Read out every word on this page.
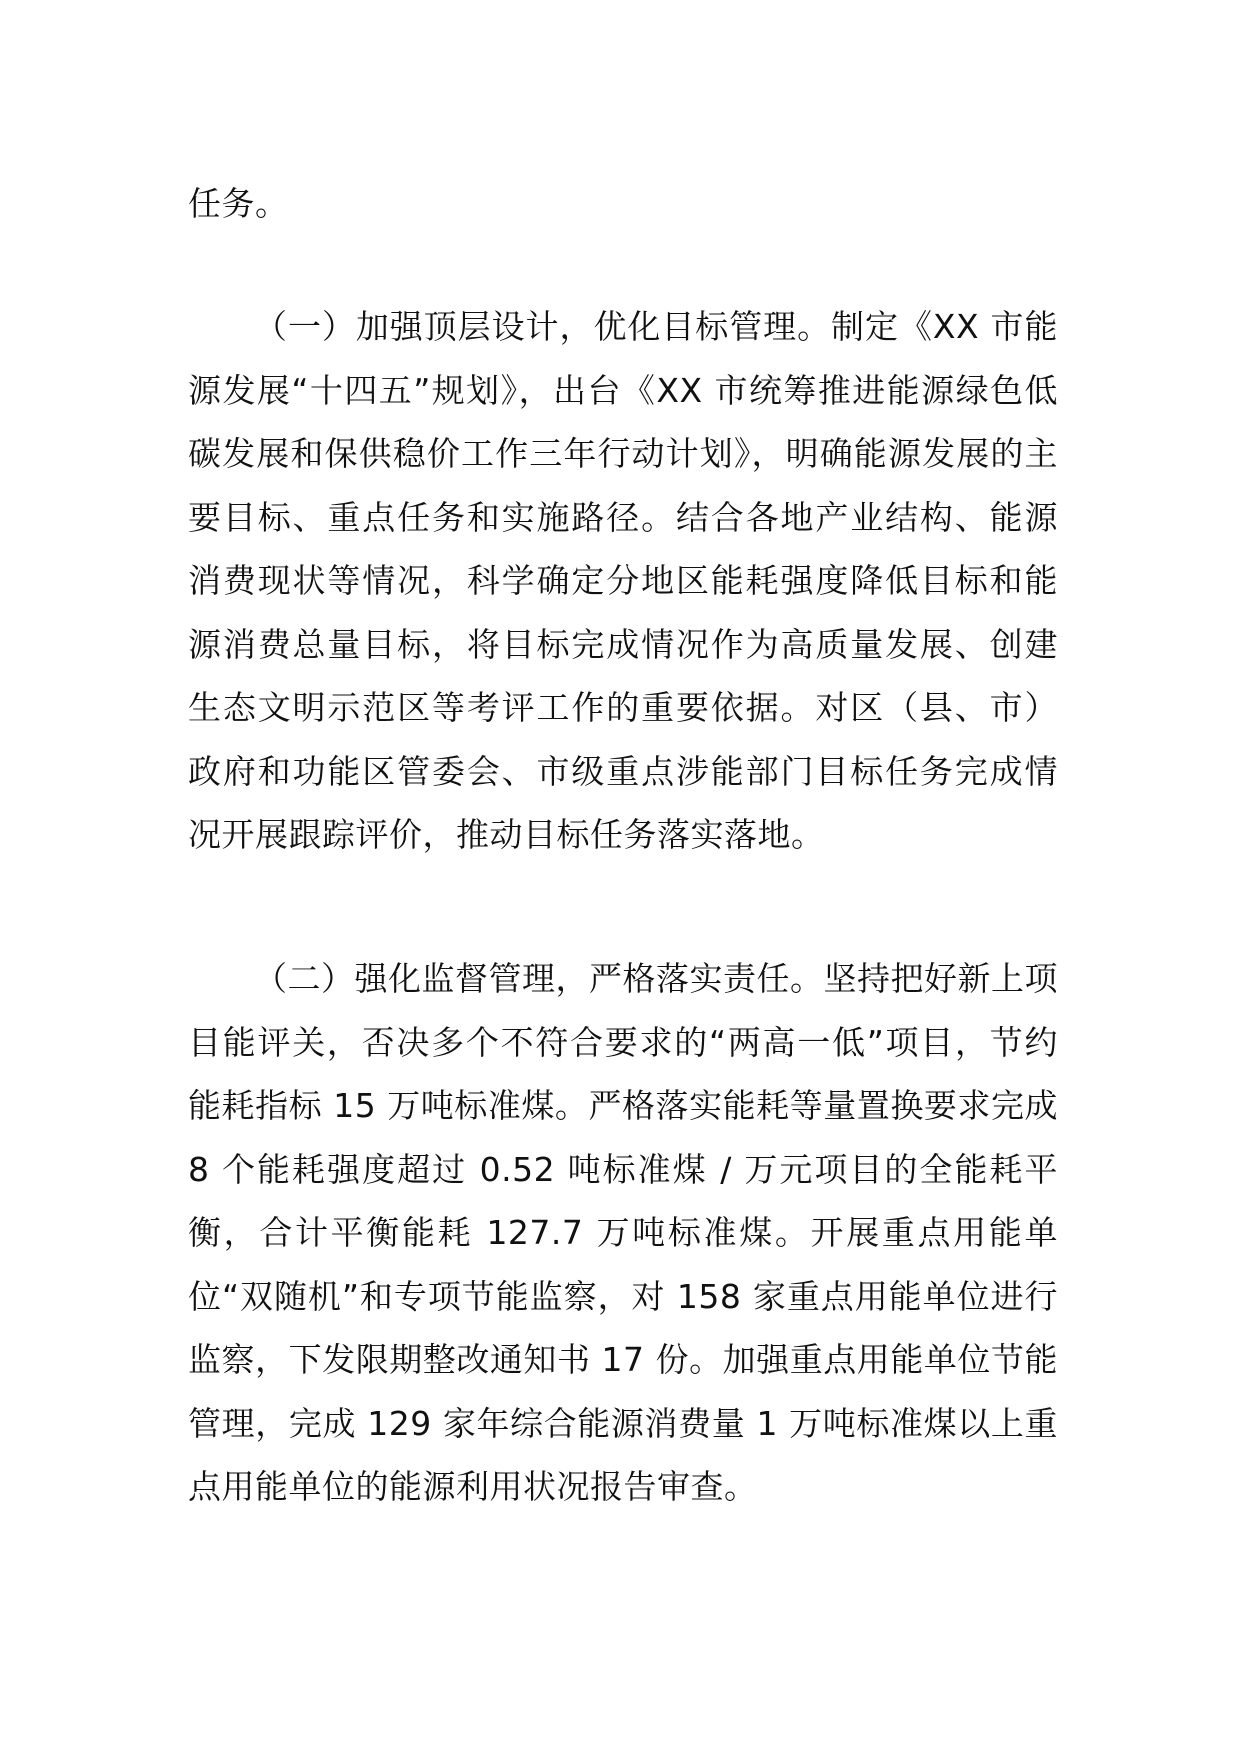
任务。
（一）加强顶层设计，优化目标管理。制定《XX 市能源发展“十四五”规划》，出台《XX 市统筹推进能源绿色低碳发展和保供稳价工作三年行动计划》，明确能源发展的主要目标、重点任务和实施路径。结合各地产业结构、能源消费现状等情况，科学确定分地区能耗强度降低目标和能源消费总量目标，将目标完成情况作为高质量发展、创建生态文明示范区等考评工作的重要依据。对区（县、市）政府和功能区管委会、市级重点涉能部门目标任务完成情况开展跟踪评价，推动目标任务落实落地。
（二）强化监督管理，严格落实责任。坚持把好新上项目能评关，否决多个不符合要求的“两高一低”项目，节约能耗指标 15 万吨标准煤。严格落实能耗等量置换要求完成 8 个能耗强度超过 0.52 吨标准煤 / 万元项目的全能耗平衡，合计平衡能耗 127.7 万吨标准煤。开展重点用能单位“双随机”和专项节能监察，对 158 家重点用能单位进行监察，下发限期整改通知书 17 份。加强重点用能单位节能管理，完成 129 家年综合能源消费量 1 万吨标准煤以上重点用能单位的能源利用状况报告审查。
